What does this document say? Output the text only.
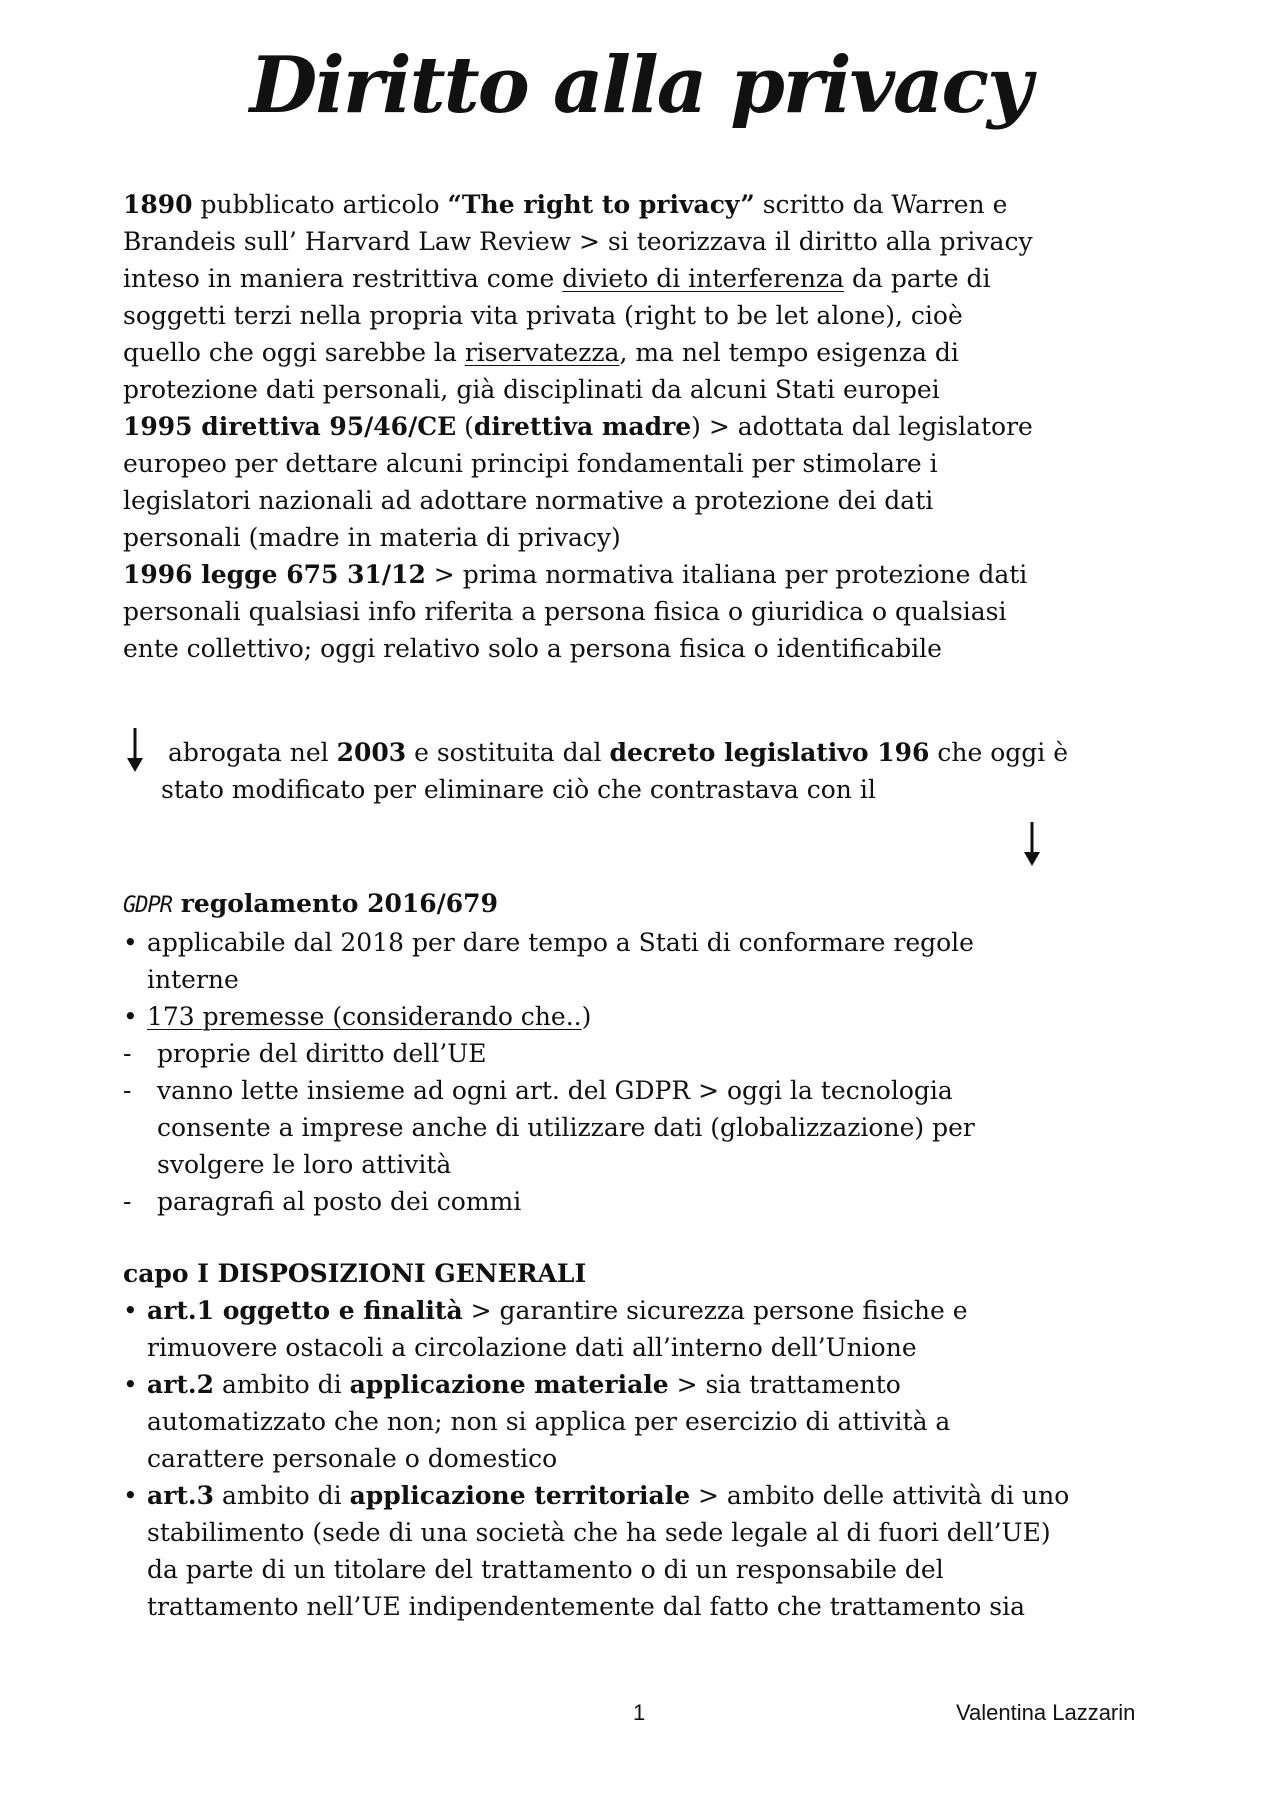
Diritto alla privacy
1890 pubblicato articolo “The right to privacy” scritto da Warren e
Brandeis sull’ Harvard Law Review > si teorizzava il diritto alla privacy
inteso in maniera restrittiva come divieto di interferenza da parte di
soggetti terzi nella propria vita privata (right to be let alone), cioè
quello che oggi sarebbe la riservatezza, ma nel tempo esigenza di
protezione dati personali, già disciplinati da alcuni Stati europei
1995 direttiva 95/46/CE (direttiva madre) > adottata dal legislatore
europeo per dettare alcuni principi fondamentali per stimolare i
legislatori nazionali ad adottare normative a protezione dei dati
personali (madre in materia di privacy)
1996 legge 675 31/12 > prima normativa italiana per protezione dati
personali qualsiasi info riferita a persona fisica o giuridica o qualsiasi
ente collettivo; oggi relativo solo a persona fisica o identificabile
abrogata nel 2003 e sostituita dal decreto legislativo 196 che oggi è
stato modificato per eliminare ciò che contrastava con il
GDPR regolamento 2016/679
• applicabile dal 2018 per dare tempo a Stati di conformare regole
interne
• 173 premesse (considerando che..)
- proprie del diritto dell’UE
- vanno lette insieme ad ogni art. del GDPR > oggi la tecnologia
consente a imprese anche di utilizzare dati (globalizzazione) per
svolgere le loro attività
- paragrafi al posto dei commi
capo I DISPOSIZIONI GENERALI
• art.1 oggetto e finalità > garantire sicurezza persone fisiche e
rimuovere ostacoli a circolazione dati all’interno dell’Unione
• art.2 ambito di applicazione materiale > sia trattamento
automatizzato che non; non si applica per esercizio di attività a
carattere personale o domestico
• art.3 ambito di applicazione territoriale > ambito delle attività di uno
stabilimento (sede di una società che ha sede legale al di fuori dell’UE)
da parte di un titolare del trattamento o di un responsabile del
trattamento nell’UE indipendentemente dal fatto che trattamento sia
1	Valentina Lazzarin
